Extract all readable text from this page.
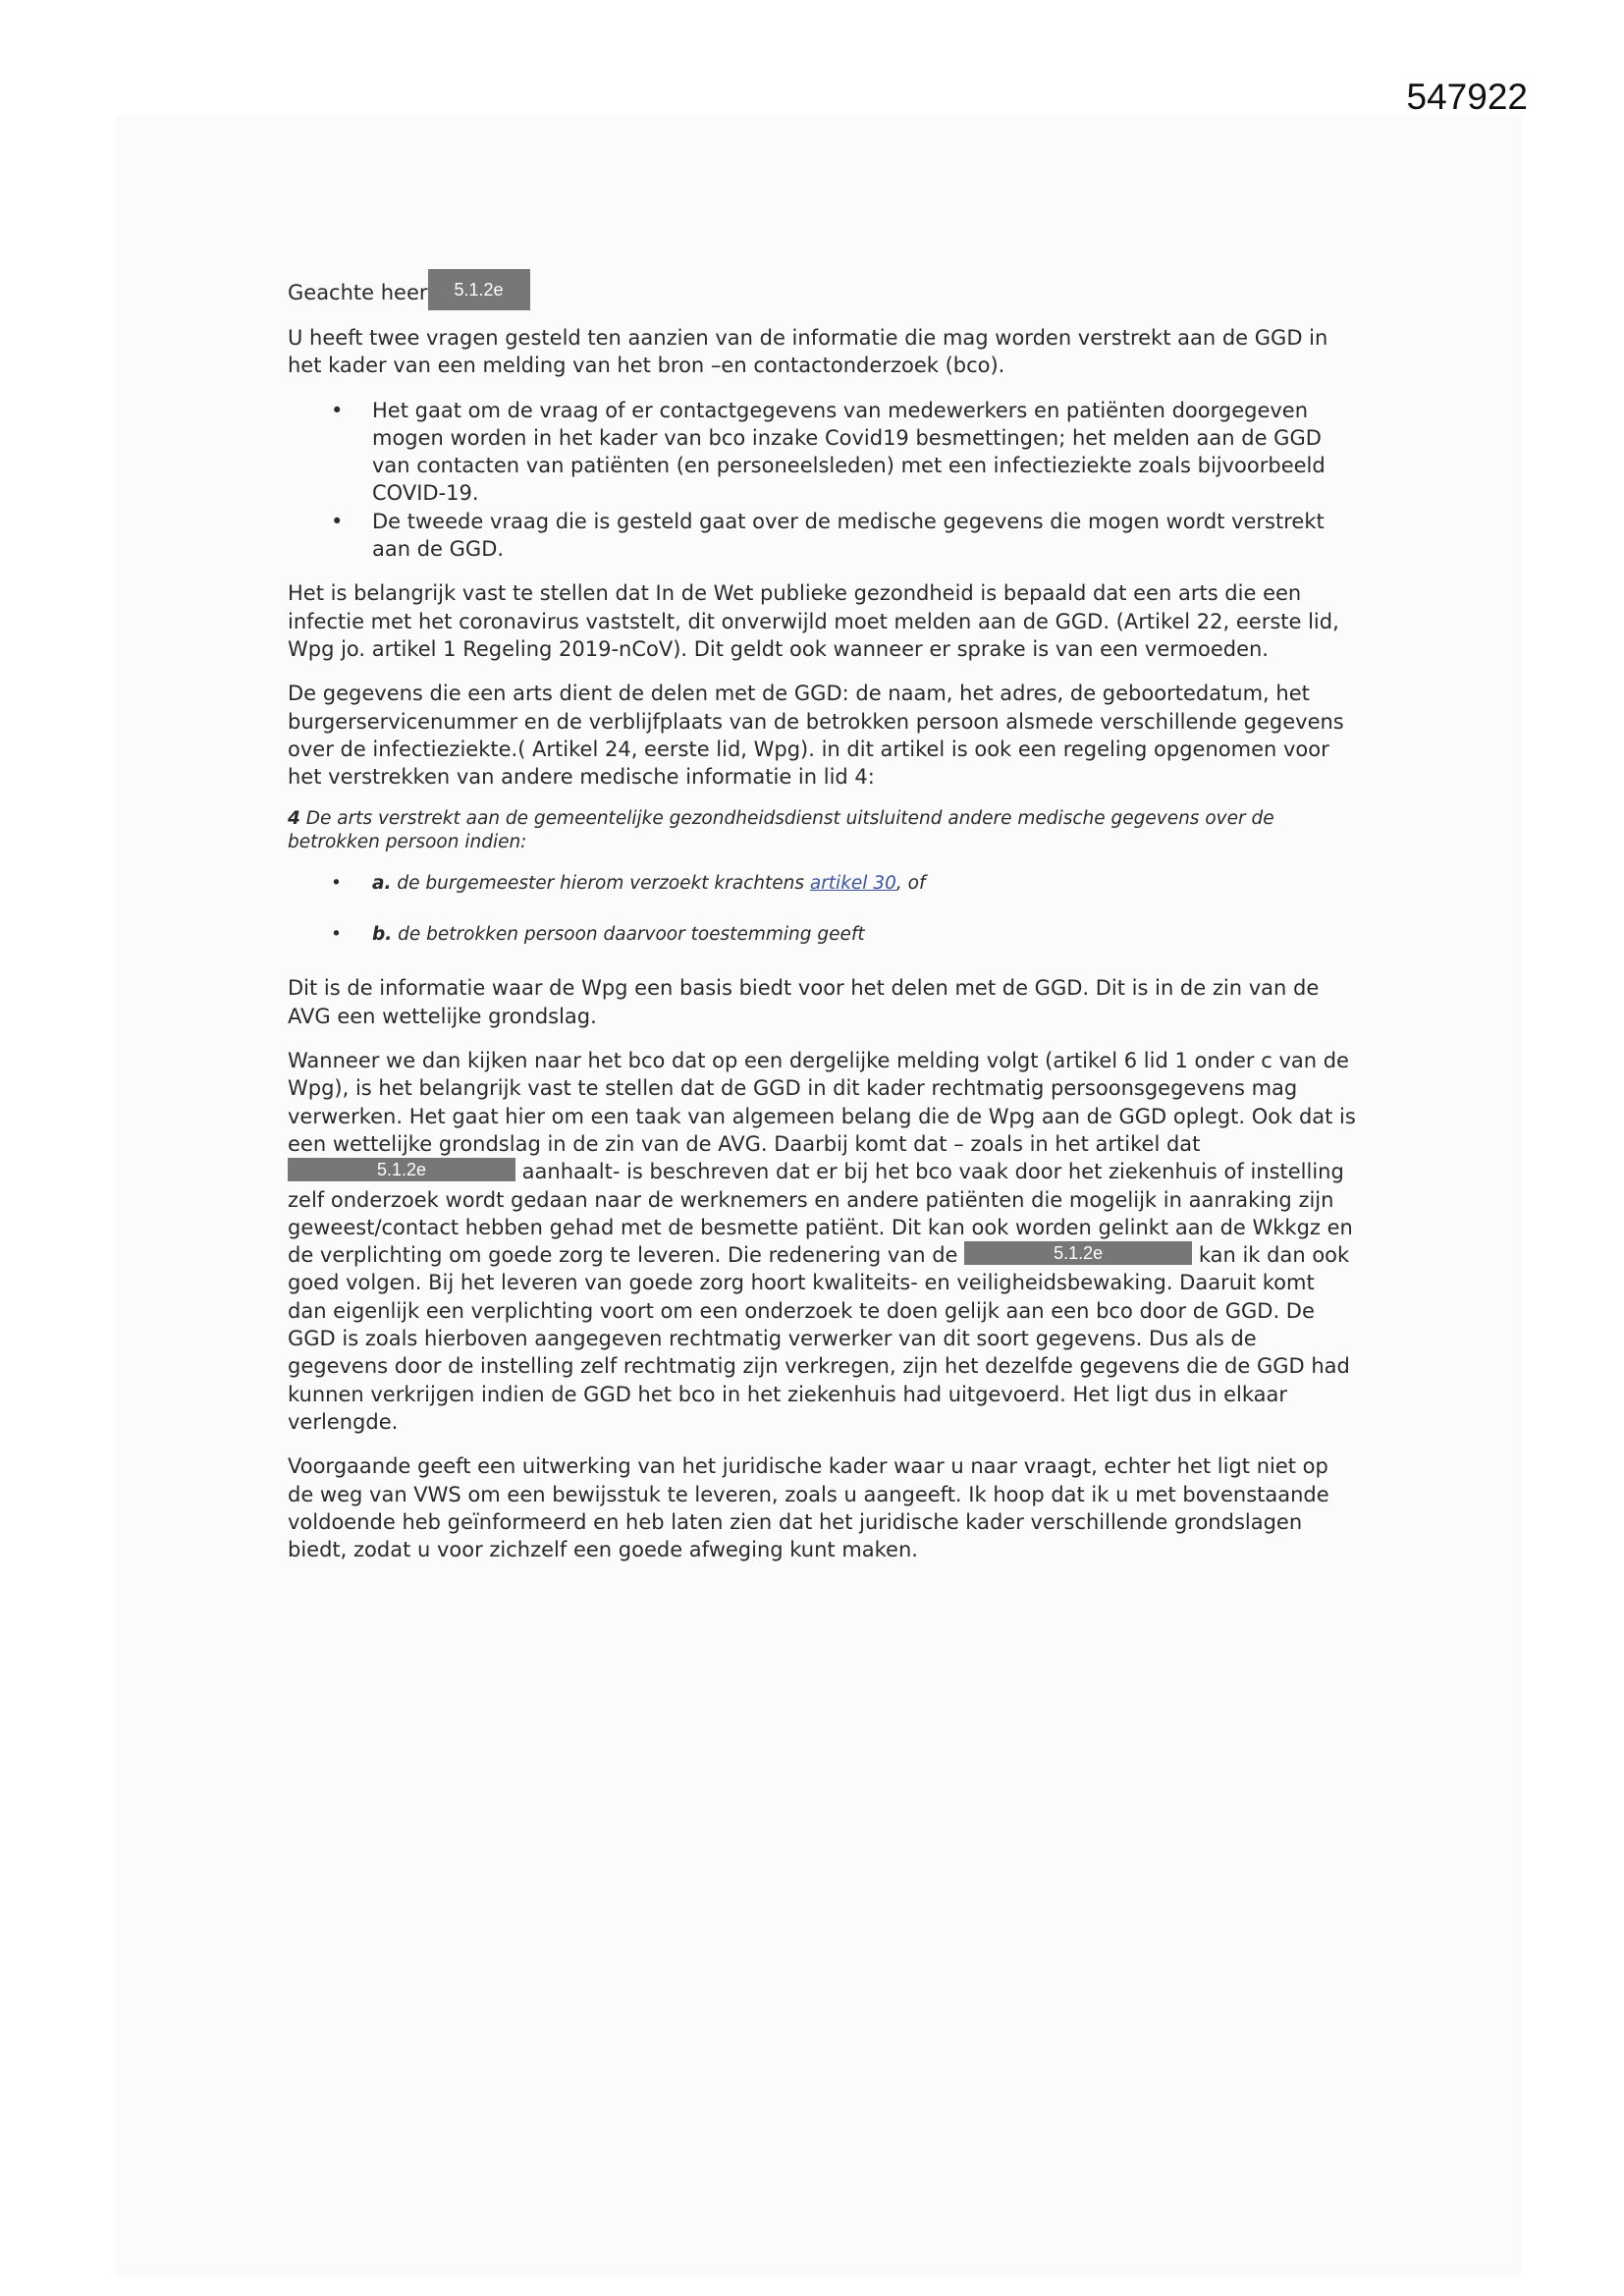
547922

Geachte heer 5.1.2e

U heeft twee vragen gesteld ten aanzien van de informatie die mag worden verstrekt aan de GGD in het kader van een melding van het bron –en contactonderzoek (bco).

• Het gaat om de vraag of er contactgegevens van medewerkers en patiënten doorgegeven mogen worden in het kader van bco inzake Covid19 besmettingen; het melden aan de GGD van contacten van patiënten (en personeelsleden) met een infectieziekte zoals bijvoorbeeld COVID-19.
• De tweede vraag die is gesteld gaat over de medische gegevens die mogen wordt verstrekt aan de GGD.

Het is belangrijk vast te stellen dat In de Wet publieke gezondheid is bepaald dat een arts die een infectie met het coronavirus vaststelt, dit onverwijld moet melden aan de GGD. (Artikel 22, eerste lid, Wpg jo. artikel 1 Regeling 2019-nCoV). Dit geldt ook wanneer er sprake is van een vermoeden.

De gegevens die een arts dient de delen met de GGD: de naam, het adres, de geboortedatum, het burgerservicenummer en de verblijfplaats van de betrokken persoon alsmede verschillende gegevens over de infectieziekte.( Artikel 24, eerste lid, Wpg). in dit artikel is ook een regeling opgenomen voor het verstrekken van andere medische informatie in lid 4:

4 De arts verstrekt aan de gemeentelijke gezondheidsdienst uitsluitend andere medische gegevens over de betrokken persoon indien:

• a. de burgemeester hierom verzoekt krachtens artikel 30, of
• b. de betrokken persoon daarvoor toestemming geeft

Dit is de informatie waar de Wpg een basis biedt voor het delen met de GGD. Dit is in de zin van de AVG een wettelijke grondslag.

Wanneer we dan kijken naar het bco dat op een dergelijke melding volgt (artikel 6 lid 1 onder c van de Wpg), is het belangrijk vast te stellen dat de GGD in dit kader rechtmatig persoonsgegevens mag verwerken. Het gaat hier om een taak van algemeen belang die de Wpg aan de GGD oplegt. Ook dat is een wettelijke grondslag in de zin van de AVG. Daarbij komt dat – zoals in het artikel dat 5.1.2e	aanhaalt- is beschreven dat er bij het bco vaak door het ziekenhuis of instelling zelf onderzoek wordt gedaan naar de werknemers en andere patiënten die mogelijk in aanraking zijn geweest/contact hebben gehad met de besmette patiënt. Dit kan ook worden gelinkt aan de Wkkgz en de verplichting om goede zorg te leveren. Die redenering van de	5.1.2e	kan ik dan ook goed volgen. Bij het leveren van goede zorg hoort kwaliteits- en veiligheidsbewaking. Daaruit komt dan eigenlijk een verplichting voort om een onderzoek te doen gelijk aan een bco door de GGD. De GGD is zoals hierboven aangegeven rechtmatig verwerker van dit soort gegevens. Dus als de gegevens door de instelling zelf rechtmatig zijn verkregen, zijn het dezelfde gegevens die de GGD had kunnen verkrijgen indien de GGD het bco in het ziekenhuis had uitgevoerd. Het ligt dus in elkaar verlengde.

Voorgaande geeft een uitwerking van het juridische kader waar u naar vraagt, echter het ligt niet op de weg van VWS om een bewijsstuk te leveren, zoals u aangeeft. Ik hoop dat ik u met bovenstaande voldoende heb geïnformeerd en heb laten zien dat het juridische kader verschillende grondslagen biedt, zodat u voor zichzelf een goede afweging kunt maken.
